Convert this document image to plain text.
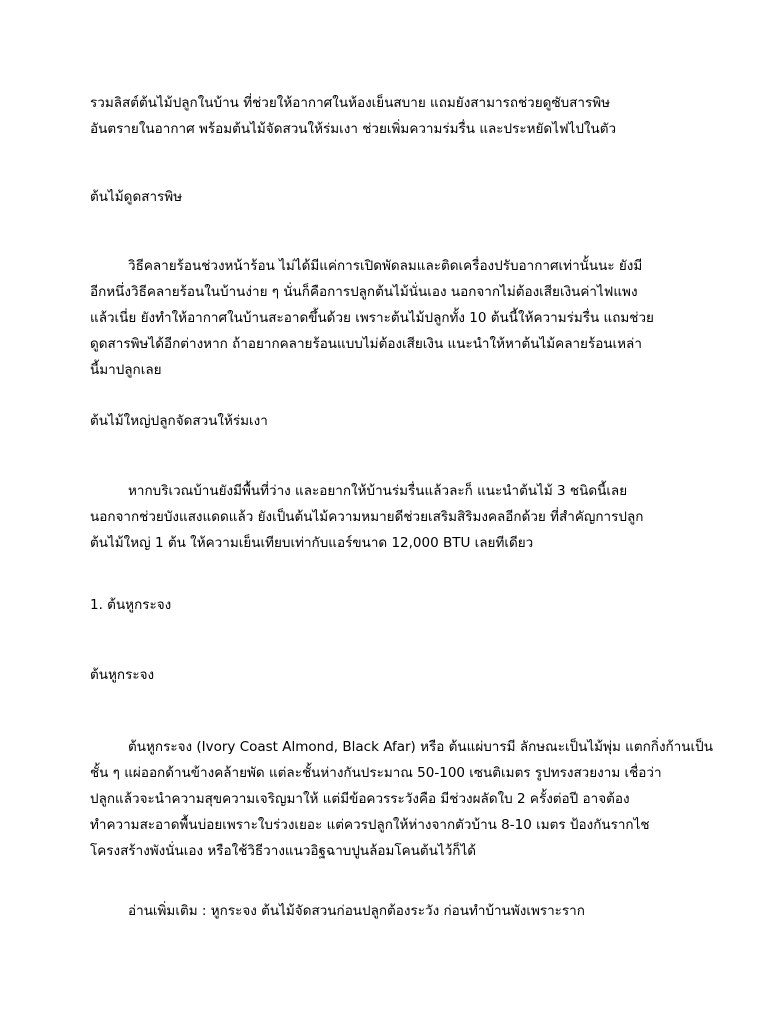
รวมลิสต์ต้นไม้ปลูกในบ้าน ที่ช่วยให้อากาศในห้องเย็นสบาย แถมยังสามารถช่วยดูซับสารพิษ
อันตรายในอากาศ พร้อมต้นไม้จัดสวนให้ร่มเงา ช่วยเพิ่มความร่มรื่น และประหยัดไฟไปในตัว

ต้นไม้ดูดสารพิษ

วิธีคลายร้อนช่วงหน้าร้อน ไม่ได้มีแค่การเปิดพัดลมและติดเครื่องปรับอากาศเท่านั้นนะ ยังมี
อีกหนึ่งวิธีคลายร้อนในบ้านง่าย ๆ นั่นก็คือการปลูกต้นไม้นั่นเอง นอกจากไม่ต้องเสียเงินค่าไฟแพง
แล้วเนี่ย ยังทำให้อากาศในบ้านสะอาดขึ้นด้วย เพราะต้นไม้ปลูกทั้ง 10 ต้นนี้ให้ความร่มรื่น แถมช่วย
ดูดสารพิษได้อีกต่างหาก ถ้าอยากคลายร้อนแบบไม่ต้องเสียเงิน แนะนำให้หาต้นไม้คลายร้อนเหล่า
นี้มาปลูกเลย

ต้นไม้ใหญ่ปลูกจัดสวนให้ร่มเงา

หากบริเวณบ้านยังมีพื้นที่ว่าง และอยากให้บ้านร่มรื่นแล้วละก็ แนะนำต้นไม้ 3 ชนิดนี้เลย
นอกจากช่วยบังแสงแดดแล้ว ยังเป็นต้นไม้ความหมายดีช่วยเสริมสิริมงคลอีกด้วย ที่สำคัญการปลูก
ต้นไม้ใหญ่ 1 ต้น ให้ความเย็นเทียบเท่ากับแอร์ขนาด 12,000 BTU เลยทีเดียว

1. ต้นหูกระจง

ต้นหูกระจง

ต้นหูกระจง (Ivory Coast Almond, Black Afar) หรือ ต้นแผ่บารมี ลักษณะเป็นไม้พุ่ม แตกกิ่งก้านเป็น
ชั้น ๆ แผ่ออกด้านข้างคล้ายพัด แต่ละชั้นห่างกันประมาณ 50-100 เซนติเมตร รูปทรงสวยงาม เชื่อว่า
ปลูกแล้วจะนำความสุขความเจริญมาให้ แต่มีข้อควรระวังคือ มีช่วงผลัดใบ 2 ครั้งต่อปี อาจต้อง
ทำความสะอาดพื้นบ่อยเพราะใบร่วงเยอะ แต่ควรปลูกให้ห่างจากตัวบ้าน 8-10 เมตร ป้องกันรากไช
โครงสร้างพังนั่นเอง หรือใช้วิธีวางแนวอิฐฉาบปูนล้อมโคนต้นไว้ก็ได้

อ่านเพิ่มเติม : หูกระจง ต้นไม้จัดสวนก่อนปลูกต้องระวัง ก่อนทำบ้านพังเพราะราก
